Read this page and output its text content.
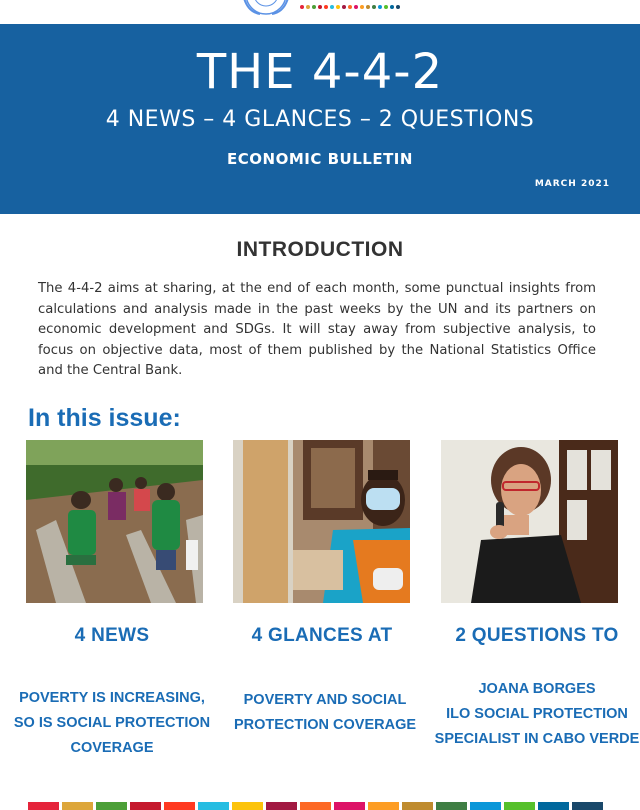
THE 4-4-2
4 NEWS – 4 GLANCES – 2 QUESTIONS
ECONOMIC BULLETIN
MARCH 2021
INTRODUCTION

The 4-4-2 aims at sharing, at the end of each month, some punctual insights from calculations and analysis made in the past weeks by the UN and its partners on economic development and SDGs. It will stay away from subjective analysis, to focus on objective data, most of them published by the National Statistics Office and the Central Bank.

In this issue:
4 NEWS	4 GLANCES AT	2 QUESTIONS TO
POVERTY IS INCREASING,
SO IS SOCIAL PROTECTION
COVERAGE
POVERTY AND SOCIAL
PROTECTION COVERAGE
JOANA BORGES
ILO SOCIAL PROTECTION
SPECIALIST IN CABO VERDE
